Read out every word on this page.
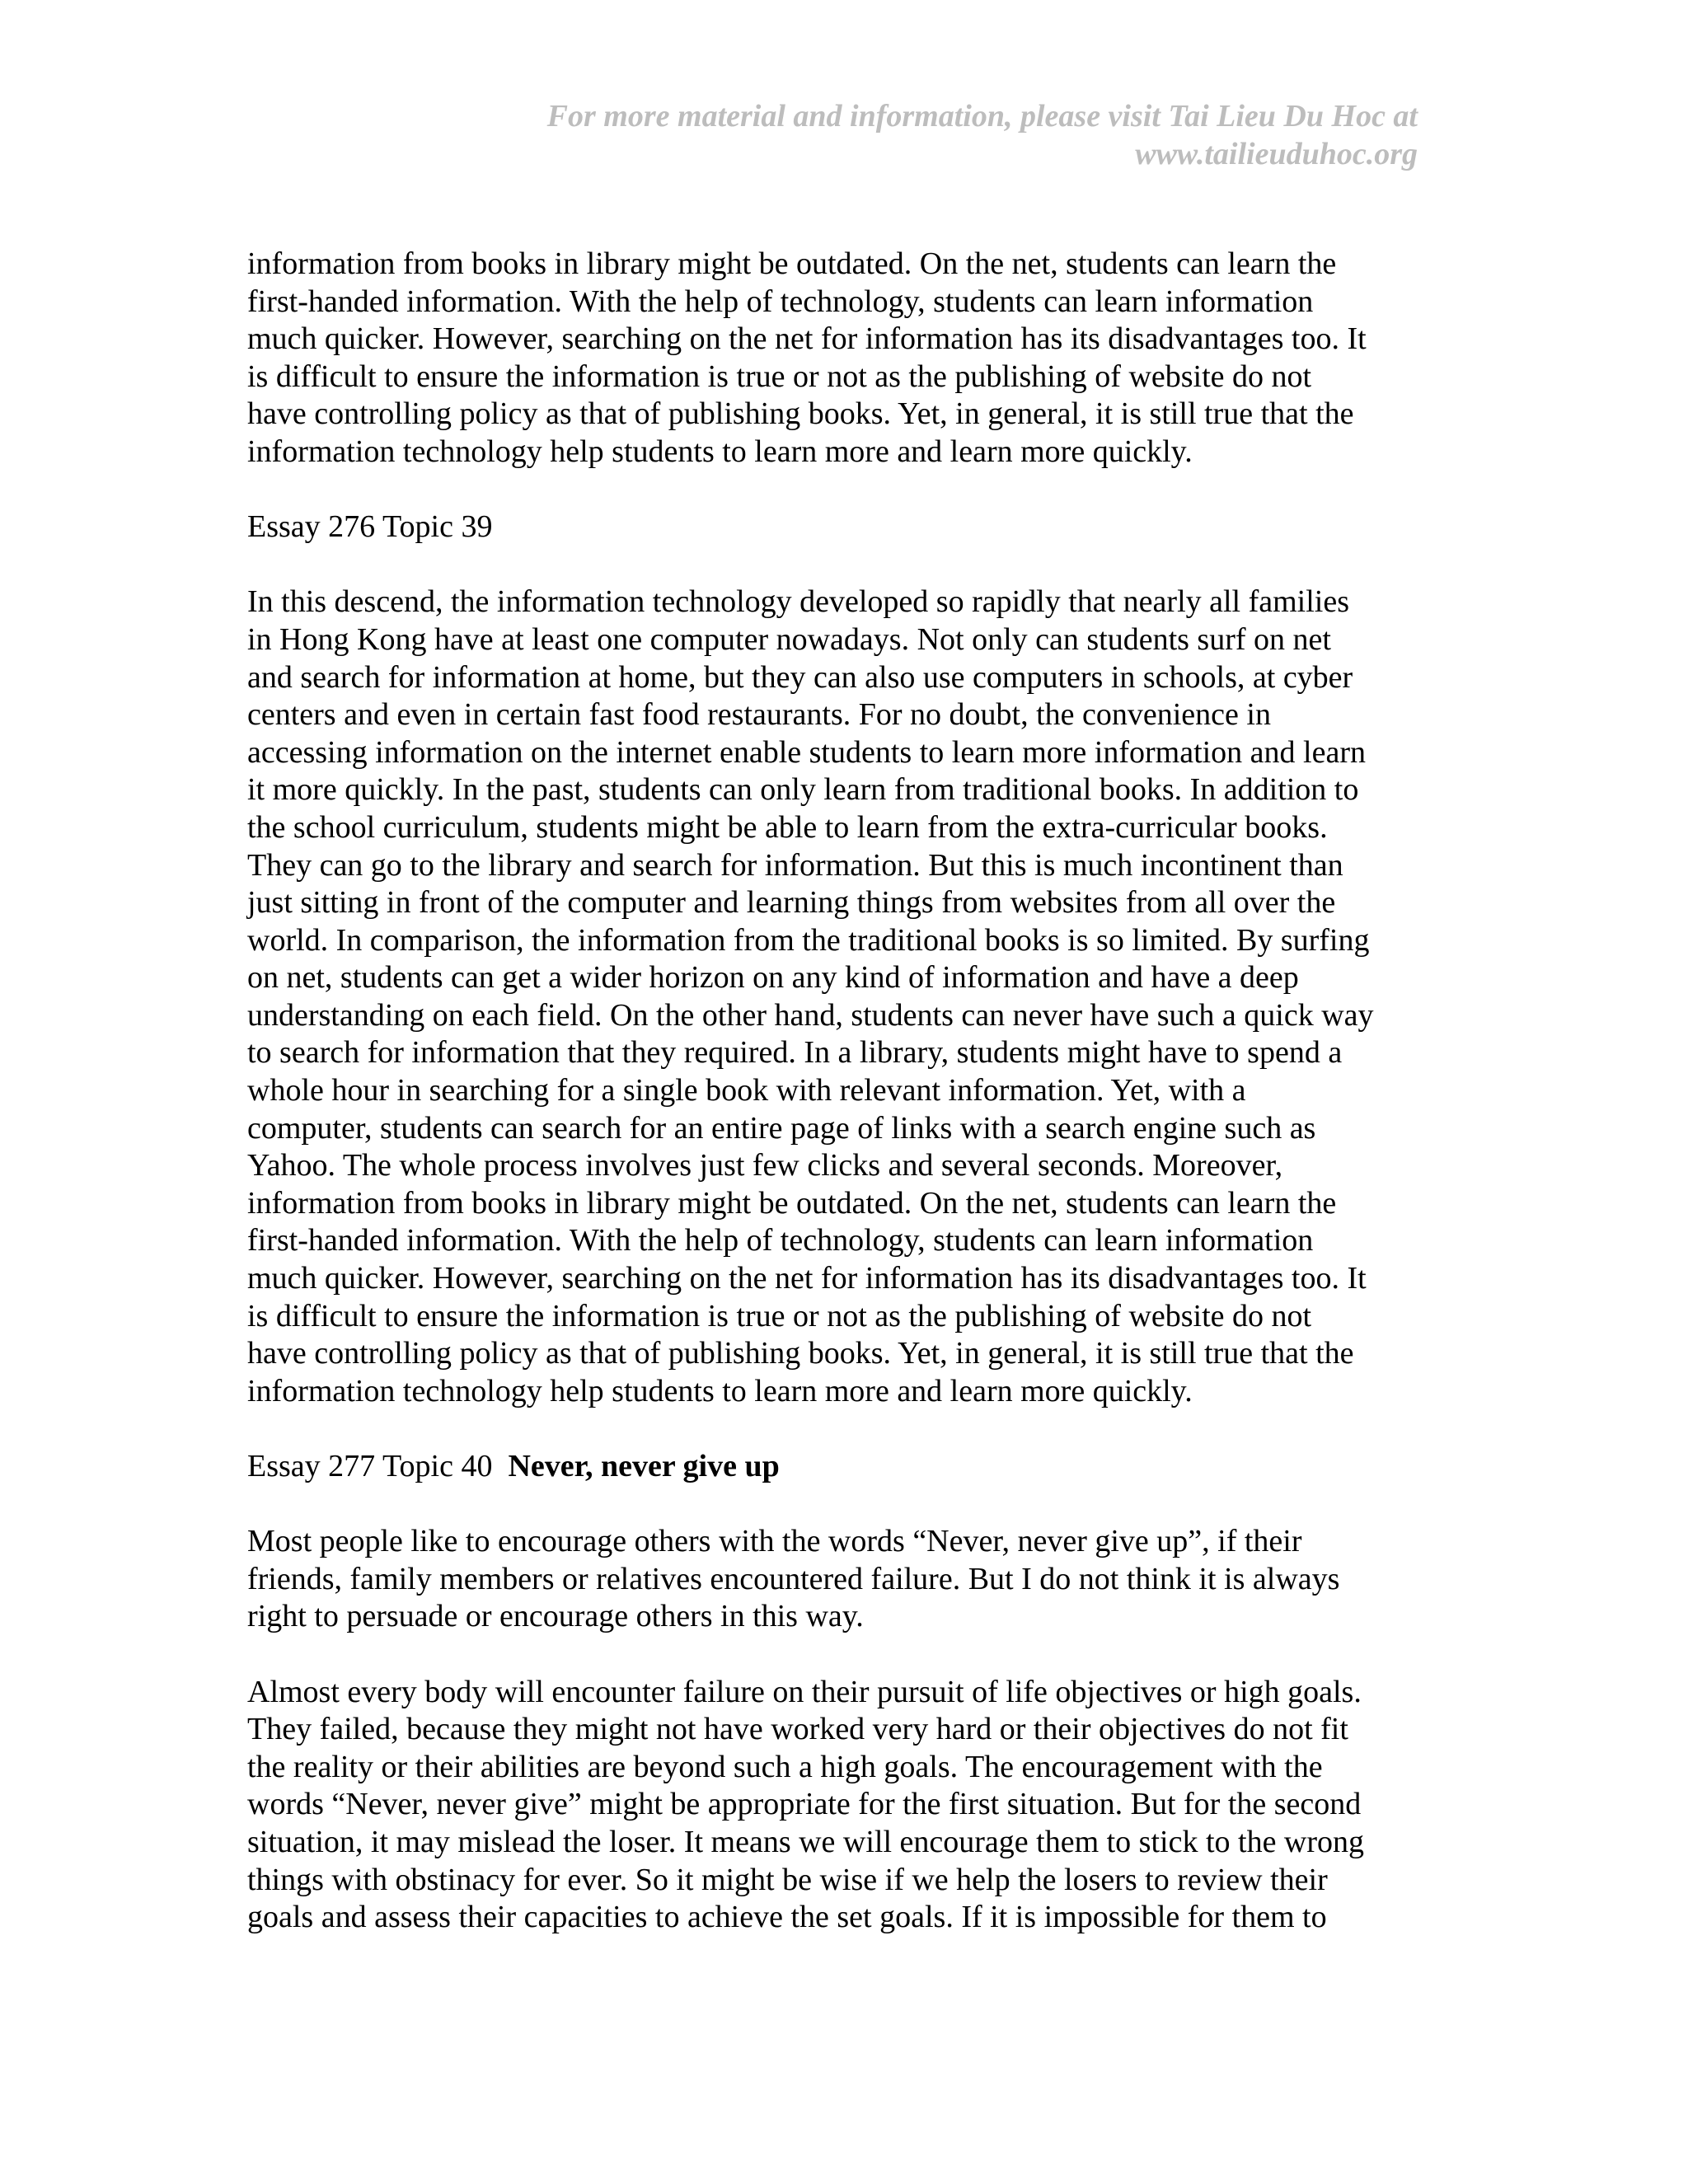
For more material and information, please visit Tai Lieu Du Hoc at
www.tailieuduhoc.org
information from books in library might be outdated. On the net, students can learn the
first-handed information. With the help of technology, students can learn information
much quicker. However, searching on the net for information has its disadvantages too. It
is difficult to ensure the information is true or not as the publishing of website do not
have controlling policy as that of publishing books. Yet, in general, it is still true that the
information technology help students to learn more and learn more quickly.
Essay 276 Topic 39
In this descend, the information technology developed so rapidly that nearly all families
in Hong Kong have at least one computer nowadays. Not only can students surf on net
and search for information at home, but they can also use computers in schools, at cyber
centers and even in certain fast food restaurants. For no doubt, the convenience in
accessing information on the internet enable students to learn more information and learn
it more quickly. In the past, students can only learn from traditional books. In addition to
the school curriculum, students might be able to learn from the extra-curricular books.
They can go to the library and search for information. But this is much incontinent than
just sitting in front of the computer and learning things from websites from all over the
world. In comparison, the information from the traditional books is so limited. By surfing
on net, students can get a wider horizon on any kind of information and have a deep
understanding on each field. On the other hand, students can never have such a quick way
to search for information that they required. In a library, students might have to spend a
whole hour in searching for a single book with relevant information. Yet, with a
computer, students can search for an entire page of links with a search engine such as
Yahoo. The whole process involves just few clicks and several seconds. Moreover,
information from books in library might be outdated. On the net, students can learn the
first-handed information. With the help of technology, students can learn information
much quicker. However, searching on the net for information has its disadvantages too. It
is difficult to ensure the information is true or not as the publishing of website do not
have controlling policy as that of publishing books. Yet, in general, it is still true that the
information technology help students to learn more and learn more quickly.
Essay 277 Topic 40 Never, never give up
Most people like to encourage others with the words “Never, never give up”, if their
friends, family members or relatives encountered failure. But I do not think it is always
right to persuade or encourage others in this way.
Almost every body will encounter failure on their pursuit of life objectives or high goals.
They failed, because they might not have worked very hard or their objectives do not fit
the reality or their abilities are beyond such a high goals. The encouragement with the
words “Never, never give” might be appropriate for the first situation. But for the second
situation, it may mislead the loser. It means we will encourage them to stick to the wrong
things with obstinacy for ever. So it might be wise if we help the losers to review their
goals and assess their capacities to achieve the set goals. If it is impossible for them to
